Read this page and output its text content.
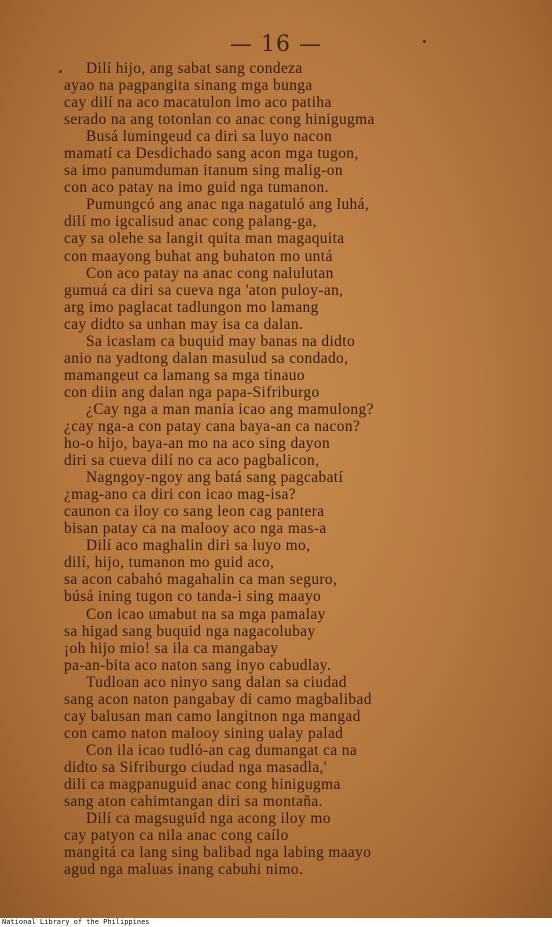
— 16 —
Dilí hijo, ang sabat sang condeza
ayao na pagpangita sinang mga bunga
cay dilí na aco macatulon imo aco patiha
serado na ang totonlan co anac cong hinigugma
Busá lumingeud ca diri sa luyo nacon
mamatí ca Desdichado sang acon mga tugon,
sa imo panumduman itanum sing malig-on
con aco patay na imo guid nga tumanon.
Pumungcó ang anac nga nagatuló ang luhá,
dilí mo igcalisud anac cong palang-ga,
cay sa olehe sa langit quita man magaquita
con maayong buhat ang buhaton mo untá
Con aco patay na anac cong nalulutan
gumuá ca diri sa cueva nga 'aton puloy-an,
arg imo paglacat tadlungon mo lamang
cay didto sa unhan may isa ca dalan.
Sa icaslam ca buquid may banas na didto
anio na yadtong dalan masulud sa condado,
mamangeut ca lamang sa mga tinauo
con diin ang dalan nga papa-Sifriburgo
¿Cay nga a man mania icao ang mamulong?
¿cay nga-a con patay cana baya-an ca nacon?
ho-o hijo, baya-an mo na aco sing dayon
diri sa cueva dilí no ca aco pagbalicon,
Nagngoy-ngoy ang batá sang pagcabatí
¿mag-ano ca diri con icao mag-isa?
caunon ca iloy co sang leon cag pantera
bisan patay ca na malooy aco nga mas-a
Dilí aco maghalin diri sa luyo mo,
dilí, hijo, tumanon mo guid aco,
sa acon cabahó magahalin ca man seguro,
búsá ining tugon co tanda-i sing maayo
Con icao umabut na sa mga pamalay
sa higad sang buquid nga nagacolubay
¡oh hijo mio! sa ila ca mangabay
pa-an-bita aco naton sang inyo cabudlay.
Tudloan aco ninyo sang dalan sa ciudad
sang acon naton pangabay di camo magbalibad
cay balusan man camo langitnon nga mangad
con camo naton malooy sining ualay palad
Con ila icao tudló-an cag dumangat ca na
didto sa Sifriburgo ciudad nga masadla,'
dili ca magpanuguid anac cong hinigugma
sang aton cahimtangan diri sa montaña.
Dilí ca magsuguid nga acong iloy mo
cay patyon ca nila anac cong caílo
mangitá ca lang sing balibad nga labing maayo
agud nga maluas inang cabuhi nimo.
National Library of the Philippines
